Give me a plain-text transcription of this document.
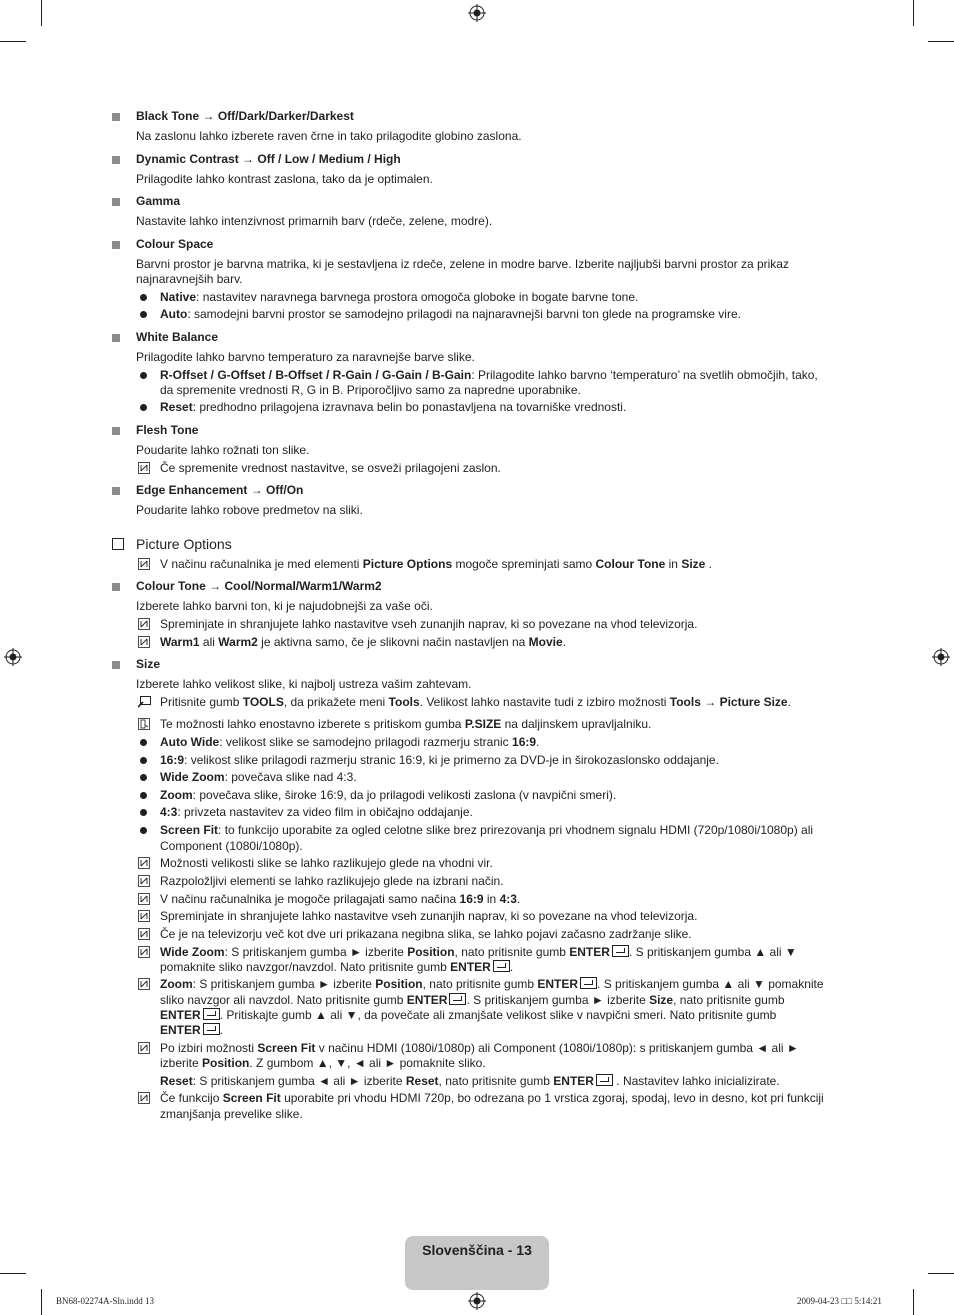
Black Tone → Off/Dark/Darker/Darkest
Na zaslonu lahko izberete raven črne in tako prilagodite globino zaslona.
Dynamic Contrast → Off / Low / Medium / High
Prilagodite lahko kontrast zaslona, tako da je optimalen.
Gamma
Nastavite lahko intenzivnost primarnih barv (rdeče, zelene, modre).
Colour Space
Barvni prostor je barvna matrika, ki je sestavljena iz rdeče, zelene in modre barve. Izberite najljubši barvni prostor za prikaz
najnaravnejših barv.
Native: nastavitev naravnega barvnega prostora omogoča globoke in bogate barvne tone.
Auto: samodejni barvni prostor se samodejno prilagodi na najnaravnejši barvni ton glede na programske vire.
White Balance
Prilagodite lahko barvno temperaturo za naravnejše barve slike.
R-Offset / G-Offset / B-Offset / R-Gain / G-Gain / B-Gain: Prilagodite lahko barvno ‘temperaturo’ na svetlih območjih, tako,
da spremenite vrednosti R, G in B. Priporočljivo samo za napredne uporabnike.
Reset: predhodno prilagojena izravnava belin bo ponastavljena na tovarniške vrednosti.
Flesh Tone
Poudarite lahko rožnati ton slike.
Če spremenite vrednost nastavitve, se osveži prilagojeni zaslon.
Edge Enhancement → Off/On
Poudarite lahko robove predmetov na sliki.
Picture Options
V načinu računalnika je med elementi Picture Options mogoče spreminjati samo Colour Tone in Size .
Colour Tone → Cool/Normal/Warm1/Warm2
Izberete lahko barvni ton, ki je najudobnejši za vaše oči.
Spreminjate in shranjujete lahko nastavitve vseh zunanjih naprav, ki so povezane na vhod televizorja.
Warm1 ali Warm2 je aktivna samo, če je slikovni način nastavljen na Movie.
Size
Izberete lahko velikost slike, ki najbolj ustreza vašim zahtevam.
Pritisnite gumb TOOLS, da prikažete meni Tools. Velikost lahko nastavite tudi z izbiro možnosti Tools → Picture Size.
Te možnosti lahko enostavno izberete s pritiskom gumba P.SIZE na daljinskem upravljalniku.
Auto Wide: velikost slike se samodejno prilagodi razmerju stranic 16:9.
16:9: velikost slike prilagodi razmerju stranic 16:9, ki je primerno za DVD-je in širokozaslonsko oddajanje.
Wide Zoom: povečava slike nad 4:3.
Zoom: povečava slike, široke 16:9, da jo prilagodi velikosti zaslona (v navpični smeri).
4:3: privzeta nastavitev za video film in običajno oddajanje.
Screen Fit: to funkcijo uporabite za ogled celotne slike brez prirezovanja pri vhodnem signalu HDMI (720p/1080i/1080p) ali
Component (1080i/1080p).
Možnosti velikosti slike se lahko razlikujejo glede na vhodni vir.
Razpoložljivi elementi se lahko razlikujejo glede na izbrani način.
V načinu računalnika je mogoče prilagajati samo načina 16:9 in 4:3.
Spreminjate in shranjujete lahko nastavitve vseh zunanjih naprav, ki so povezane na vhod televizorja.
Če je na televizorju več kot dve uri prikazana negibna slika, se lahko pojavi začasno zadržanje slike.
Wide Zoom: S pritiskanjem gumba ► izberite Position, nato pritisnite gumb ENTER . S pritiskanjem gumba ▲ ali ▼
pomaknite sliko navzgor/navzdol. Nato pritisnite gumb ENTER .
Zoom: S pritiskanjem gumba ► izberite Position, nato pritisnite gumb ENTER . S pritiskanjem gumba ▲ ali ▼ pomaknite
sliko navzgor ali navzdol. Nato pritisnite gumb ENTER . S pritiskanjem gumba ► izberite Size, nato pritisnite gumb
ENTER . Pritiskajte gumb ▲ ali ▼, da povečate ali zmanjšate velikost slike v navpični smeri. Nato pritisnite gumb
ENTER .
Po izbiri možnosti Screen Fit v načinu HDMI (1080i/1080p) ali Component (1080i/1080p): s pritiskanjem gumba ◄ ali ►
izberite Position. Z gumbom ▲, ▼, ◄ ali ► pomaknite sliko.
Reset: S pritiskanjem gumba ◄ ali ► izberite Reset, nato pritisnite gumb ENTER . Nastavitev lahko inicializirate.
Če funkcijo Screen Fit uporabite pri vhodu HDMI 720p, bo odrezana po 1 vrstica zgoraj, spodaj, levo in desno, kot pri funkciji
zmanjšanja prevelike slike.
Slovenščina - 13
BN68-02274A-Sln.indd 13	2009-04-23 □□ 5:14:21
